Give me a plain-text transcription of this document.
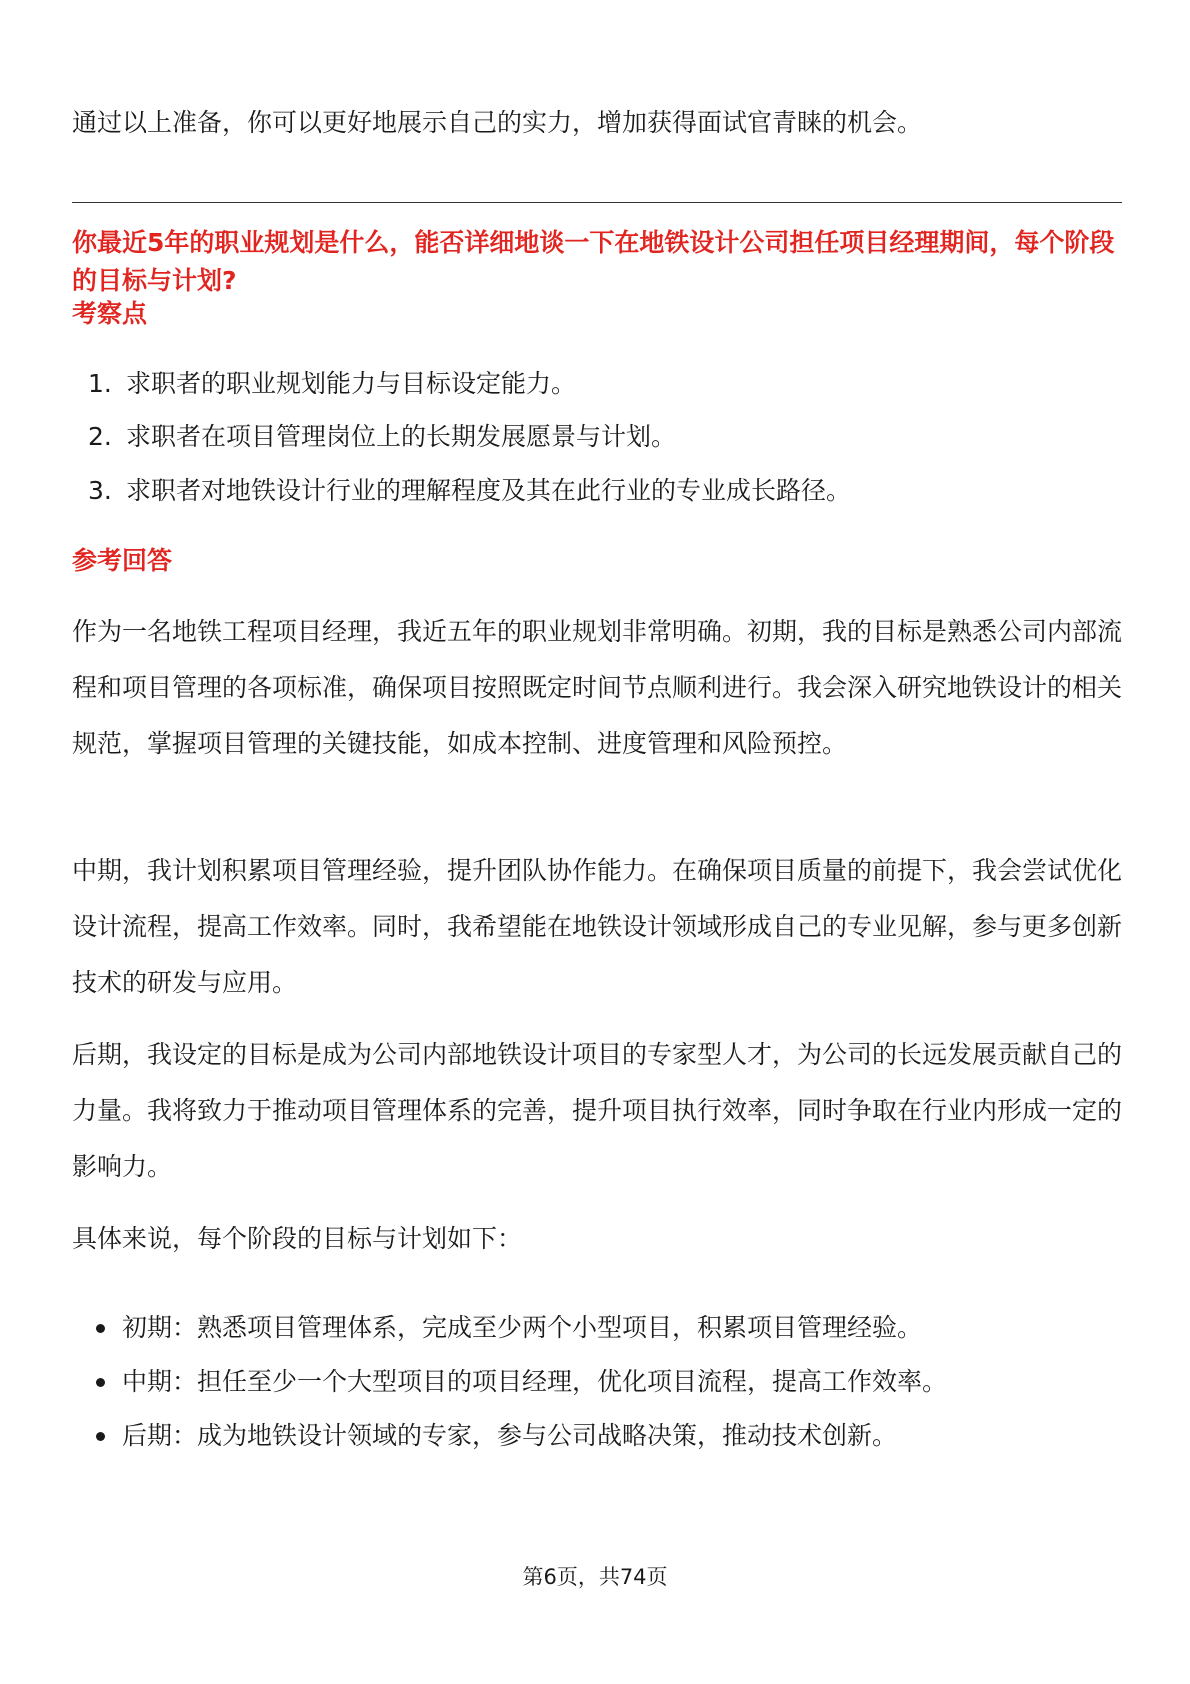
通过以上准备，你可以更好地展示自己的实力，增加获得面试官青睐的机会。

你最近5年的职业规划是什么，能否详细地谈一下在地铁设计公司担任项目经理期间，每个阶段的目标与计划?

考察点

1. 求职者的职业规划能力与目标设定能力。
2. 求职者在项目管理岗位上的长期发展愿景与计划。
3. 求职者对地铁设计行业的理解程度及其在此行业的专业成长路径。

参考回答

作为一名地铁工程项目经理，我近五年的职业规划非常明确。初期，我的目标是熟悉公司内部流程和项目管理的各项标准，确保项目按照既定时间节点顺利进行。我会深入研究地铁设计的相关规范，掌握项目管理的关键技能，如成本控制、进度管理和风险预控。

中期，我计划积累项目管理经验，提升团队协作能力。在确保项目质量的前提下，我会尝试优化设计流程，提高工作效率。同时，我希望能在地铁设计领域形成自己的专业见解，参与更多创新技术的研发与应用。

后期，我设定的目标是成为公司内部地铁设计项目的专家型人才，为公司的长远发展贡献自己的力量。我将致力于推动项目管理体系的完善，提升项目执行效率，同时争取在行业内形成一定的影响力。

具体来说，每个阶段的目标与计划如下：

初期：熟悉项目管理体系，完成至少两个小型项目，积累项目管理经验。
中期：担任至少一个大型项目的项目经理，优化项目流程，提高工作效率。
后期：成为地铁设计领域的专家，参与公司战略决策，推动技术创新。
第6页，共74页
